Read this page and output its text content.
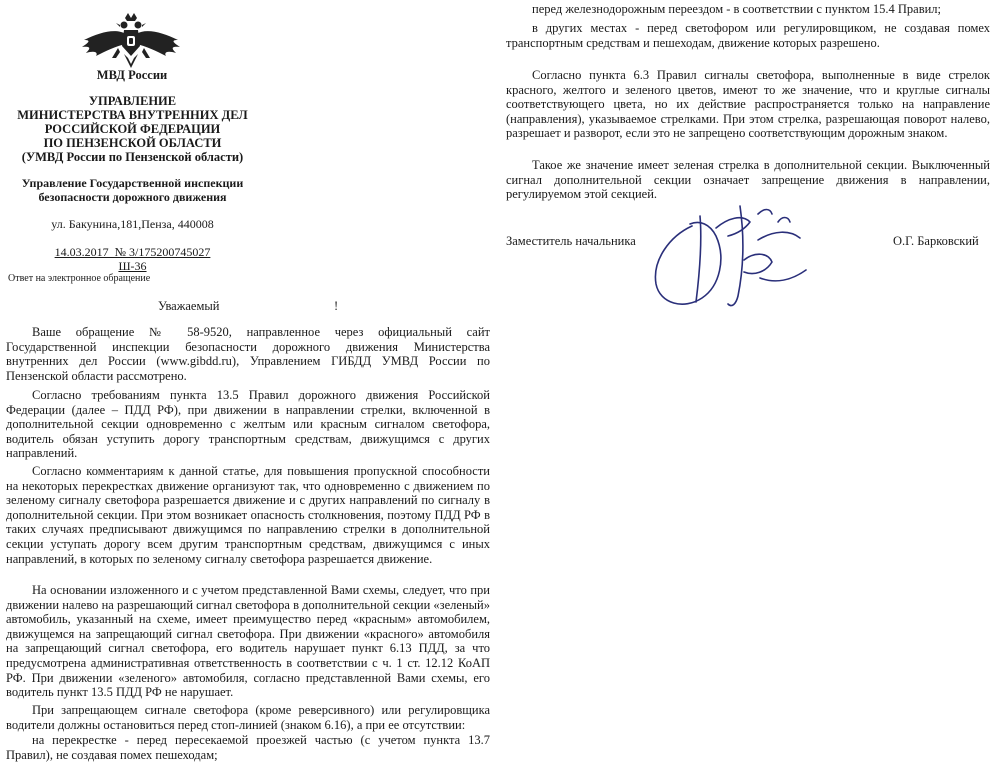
МВД России
УПРАВЛЕНИЕ
МИНИСТЕРСТВА ВНУТРЕННИХ ДЕЛ
РОССИЙСКОЙ ФЕДЕРАЦИИ
ПО ПЕНЗЕНСКОЙ ОБЛАСТИ
(УМВД России по Пензенской области)
Управление Государственной инспекции
безопасности дорожного движения
ул. Бакунина,181,Пенза, 440008
14.03.2017  № 3/175200745027
Ш-36
Ответ на электронное обращение
Уважаемый	!

Ваше обращение № 58-9520, направленное через официальный сайт Государственной инспекции безопасности дорожного движения Министерства внутренних дел России (www.gibdd.ru), Управлением ГИБДД УМВД России по Пензенской области рассмотрено.

Согласно требованиям пункта 13.5 Правил дорожного движения Российской Федерации (далее – ПДД РФ), при движении в направлении стрелки, включенной в дополнительной секции одновременно с желтым или красным сигналом светофора, водитель обязан уступить дорогу транспортным средствам, движущимся с других направлений.

Согласно комментариям к данной статье, для повышения пропускной способности на некоторых перекрестках движение организуют так, что одновременно с движением по зеленому сигналу светофора разрешается движение и с других направлений по сигналу в дополнительной секции. При этом возникает опасность столкновения, поэтому ПДД РФ в таких случаях предписывают движущимся по направлению стрелки в дополнительной секции уступать дорогу всем другим транспортным средствам, движущимся с иных направлений, в которых по зеленому сигналу светофора разрешается движение.

На основании изложенного и с учетом представленной Вами схемы, следует, что при движении налево на разрешающий сигнал светофора в дополнительной секции «зеленый» автомобиль, указанный на схеме, имеет преимущество перед «красным» автомобилем, движущемся на запрещающий сигнал светофора. При движении «красного» автомобиля на запрещающий сигнал светофора, его водитель нарушает пункт 6.13 ПДД, за что предусмотрена административная ответственность в соответствии с ч. 1 ст. 12.12 КоАП РФ. При движении «зеленого» автомобиля, согласно представленной Вами схемы, его водитель пункт 13.5 ПДД РФ не нарушает.

При запрещающем сигнале светофора (кроме реверсивного) или регулировщика водители должны остановиться перед стоп-линией (знаком 6.16), а при ее отсутствии:

на перекрестке - перед пересекаемой проезжей частью (с учетом пункта 13.7 Правил), не создавая помех пешеходам;

перед железнодорожным переездом - в соответствии с пунктом 15.4 Правил;

в других местах - перед светофором или регулировщиком, не создавая помех транспортным средствам и пешеходам, движение которых разрешено.

Согласно пункта 6.3 Правил сигналы светофора, выполненные в виде стрелок красного, желтого и зеленого цветов, имеют то же значение, что и круглые сигналы соответствующего цвета, но их действие распространяется только на направление (направления), указываемое стрелками. При этом стрелка, разрешающая поворот налево, разрешает и разворот, если это не запрещено соответствующим дорожным знаком.

Такое же значение имеет зеленая стрелка в дополнительной секции. Выключенный сигнал дополнительной секции означает запрещение движения в направлении, регулируемом этой секцией.

Заместитель начальника	О.Г. Барковский
